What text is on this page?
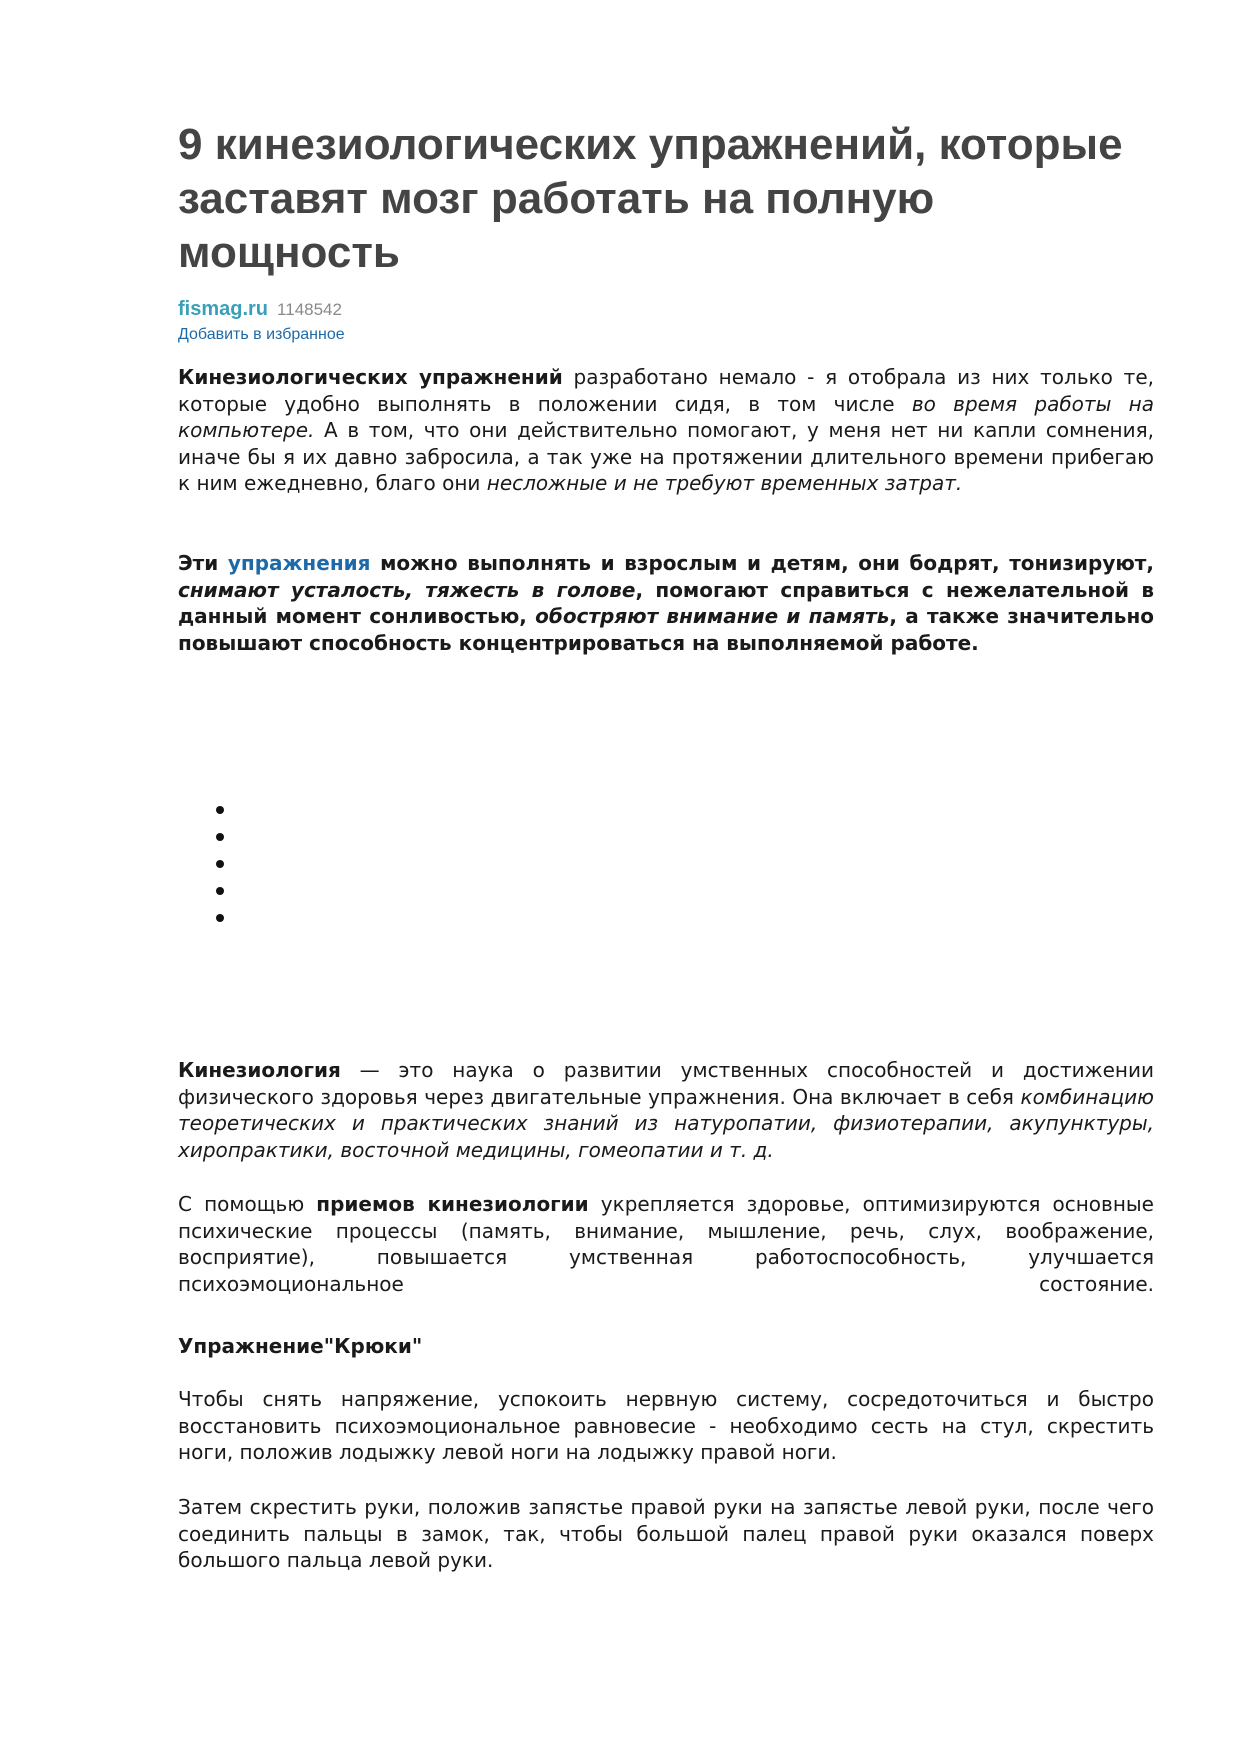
9 кинезиологических упражнений, которые заставят мозг работать на полную мощность
fismag.ru 1148542
Добавить в избранное

Кинезиологических упражнений разработано немало - я отобрала из них только те, которые удобно выполнять в положении сидя, в том числе во время работы на компьютере. А в том, что они действительно помогают, у меня нет ни капли сомнения, иначе бы я их давно забросила, а так уже на протяжении длительного времени прибегаю к ним ежедневно, благо они несложные и не требуют временных затрат.

Эти упражнения можно выполнять и взрослым и детям, они бодрят, тонизируют, снимают усталость, тяжесть в голове, помогают справиться с нежелательной в данный момент сонливостью, обостряют внимание и память, а также значительно повышают способность концентрироваться на выполняемой работе.

Кинезиология — это наука о развитии умственных способностей и достижении физического здоровья через двигательные упражнения. Она включает в себя комбинацию теоретических и практических знаний из натуропатии, физиотерапии, акупунктуры, хиропрактики, восточной медицины, гомеопатии и т. д.

С помощью приемов кинезиологии укрепляется здоровье, оптимизируются основные психические процессы (память, внимание, мышление, речь, слух, воображение, восприятие), повышается умственная работоспособность, улучшается психоэмоциональное состояние.

Упражнение"Крюки"

Чтобы снять напряжение, успокоить нервную систему, сосредоточиться и быстро восстановить психоэмоциональное равновесие - необходимо сесть на стул, скрестить ноги, положив лодыжку левой ноги на лодыжку правой ноги.

Затем скрестить руки, положив запястье правой руки на запястье левой руки, после чего соединить пальцы в замок, так, чтобы большой палец правой руки оказался поверх большого пальца левой руки.
